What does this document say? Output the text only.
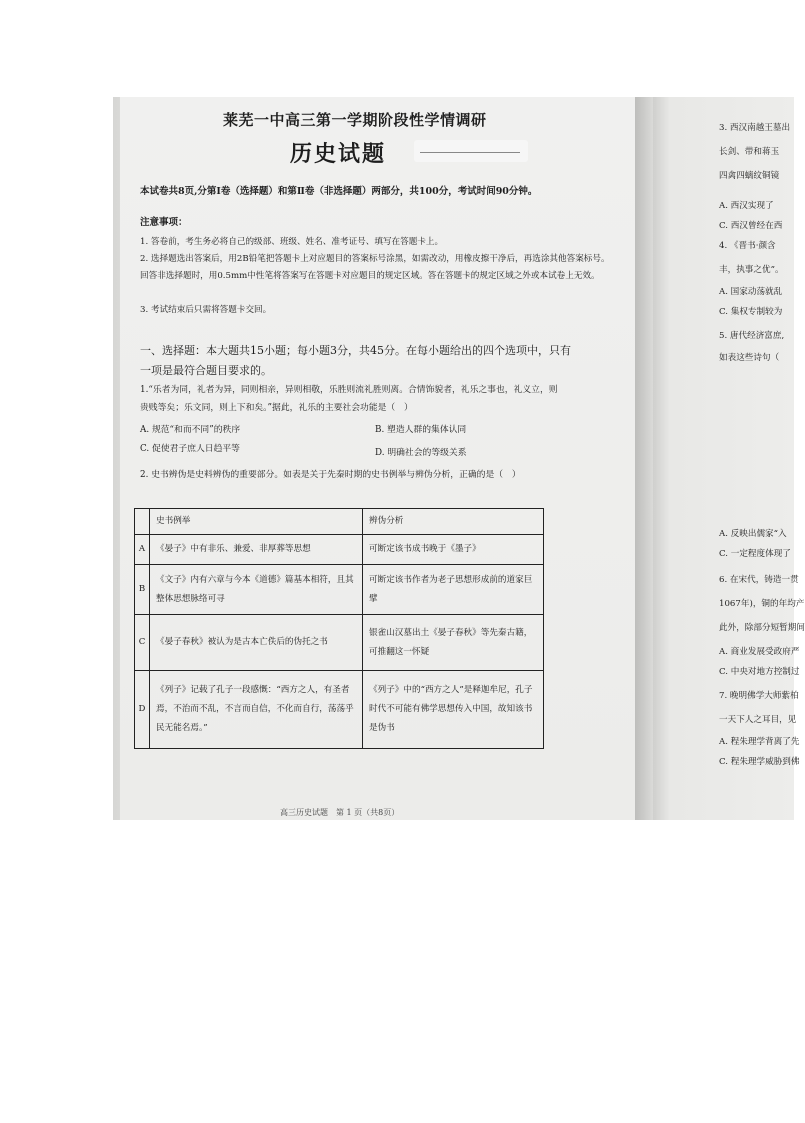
莱芜一中高三第一学期阶段性学情调研
历史试题
本试卷共8页,分第Ⅰ卷（选择题）和第Ⅱ卷（非选择题）两部分，共100分，考试时间90分钟。
注意事项：
1. 答卷前，考生务必将自己的级部、班级、姓名、准考证号、填写在答题卡上。
2. 选择题选出答案后，用2B铅笔把答题卡上对应题目的答案标号涂黑，如需改动，用橡皮擦干净后，再选涂其他答案标号。回答非选择题时，用0.5mm中性笔将答案写在答题卡对应题目的规定区域。答在答题卡的规定区域之外或本试卷上无效。
3. 考试结束后只需将答题卡交回。
一、选择题：本大题共15小题；每小题3分，共45分。在每小题给出的四个选项中，只有一项是最符合题目要求的。
1.“乐者为同，礼者为异，同则相亲，异则相敬，乐胜则流礼胜则离。合情饰貌者，礼乐之事也，礼义立，则贵贱等矣；乐文同，则上下和矣。”据此，礼乐的主要社会功能是（　）
A. 规范“和而不同”的秩序	B. 塑造人群的集体认同
C. 促使君子庶人日趋平等	D. 明确社会的等级关系
2. 史书辨伪是史料辨伪的重要部分。如表是关于先秦时期的史书例举与辨伪分析，正确的是（　）
	史书例举	辨伪分析
A	《晏子》中有非乐、兼爱、非厚葬等思想	可断定该书成书晚于《墨子》
B	《文子》内有六章与今本《道德》篇基本相符，且其整体思想脉络可寻	可断定该书作者为老子思想形成前的道家巨擘
C	《晏子春秋》被认为是古本亡佚后的伪托之书	银雀山汉墓出土《晏子春秋》等先秦古籍，可推翻这一怀疑
D	《列子》记载了孔子一段感慨：“西方之人，有圣者焉，不治而不乱，不言而自信，不化而自行，荡荡乎民无能名焉。”	《列子》中的“西方之人”是释迦牟尼，孔子时代不可能有佛学思想传入中国，故知该书是伪书
高三历史试题　第 1 页（共8页）
3. 西汉南越王墓出
长剑、带和蒋玉
四禽四螭纹铜镜
A. 西汉实现了
C. 西汉曾经在西
4. 《晋书·颜含
丰，执事之优”。
A. 国家动荡就乱
C. 集权专制较为
5. 唐代经济富庶,
如表这些诗句（
A. 反映出儒家“入
C. 一定程度体现了
6. 在宋代，铸造一贯
1067年)，铜的年均产
此外，除部分短暂期间
A. 商业发展受政府严
C. 中央对地方控制过
7. 晚明佛学大师紫柏
一天下人之耳目，见
A. 程朱理学背离了先
C. 程朱理学威胁到佛
